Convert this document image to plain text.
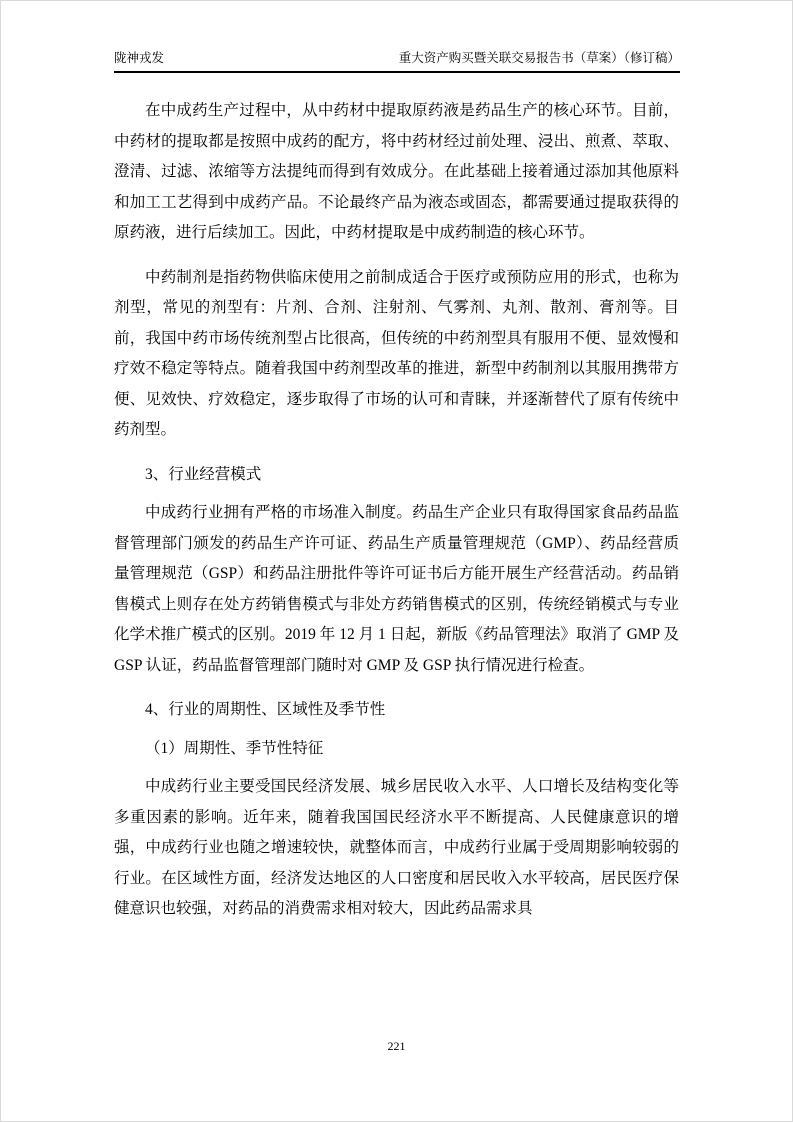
陇神戎发	重大资产购买暨关联交易报告书（草案）（修订稿）

在中成药生产过程中，从中药材中提取原药液是药品生产的核心环节。目前，中药材的提取都是按照中成药的配方，将中药材经过前处理、浸出、煎煮、萃取、澄清、过滤、浓缩等方法提纯而得到有效成分。在此基础上接着通过添加其他原料和加工工艺得到中成药产品。不论最终产品为液态或固态，都需要通过提取获得的原药液，进行后续加工。因此，中药材提取是中成药制造的核心环节。

中药制剂是指药物供临床使用之前制成适合于医疗或预防应用的形式，也称为剂型，常见的剂型有：片剂、合剂、注射剂、气雾剂、丸剂、散剂、膏剂等。目前，我国中药市场传统剂型占比很高，但传统的中药剂型具有服用不便、显效慢和疗效不稳定等特点。随着我国中药剂型改革的推进，新型中药制剂以其服用携带方便、见效快、疗效稳定，逐步取得了市场的认可和青睐，并逐渐替代了原有传统中药剂型。

3、行业经营模式

中成药行业拥有严格的市场准入制度。药品生产企业只有取得国家食品药品监督管理部门颁发的药品生产许可证、药品生产质量管理规范（GMP）、药品经营质量管理规范（GSP）和药品注册批件等许可证书后方能开展生产经营活动。药品销售模式上则存在处方药销售模式与非处方药销售模式的区别，传统经销模式与专业化学术推广模式的区别。2019 年 12 月 1 日起，新版《药品管理法》取消了 GMP 及 GSP 认证，药品监督管理部门随时对 GMP 及 GSP 执行情况进行检查。

4、行业的周期性、区域性及季节性

（1）周期性、季节性特征

中成药行业主要受国民经济发展、城乡居民收入水平、人口增长及结构变化等多重因素的影响。近年来，随着我国国民经济水平不断提高、人民健康意识的增强，中成药行业也随之增速较快，就整体而言，中成药行业属于受周期影响较弱的行业。在区域性方面，经济发达地区的人口密度和居民收入水平较高，居民医疗保健意识也较强，对药品的消费需求相对较大，因此药品需求具

221
